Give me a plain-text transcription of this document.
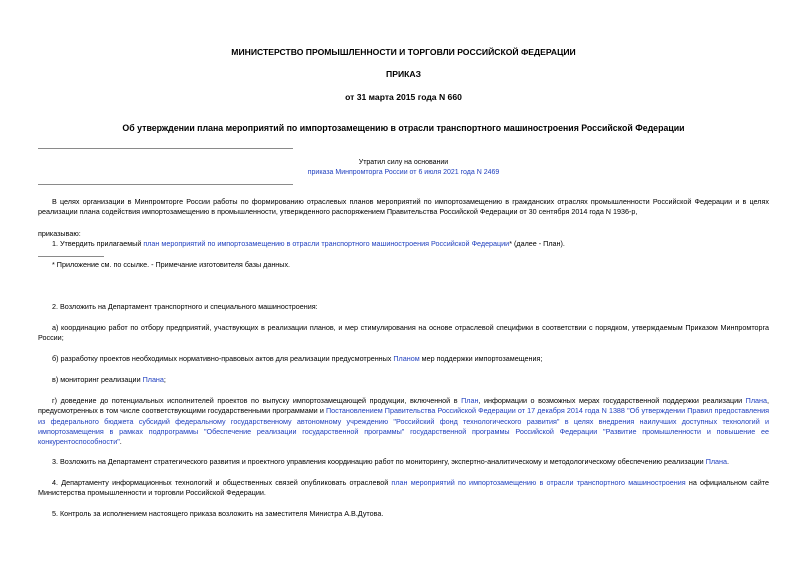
МИНИСТЕРСТВО ПРОМЫШЛЕННОСТИ И ТОРГОВЛИ РОССИЙСКОЙ ФЕДЕРАЦИИ
ПРИКАЗ
от 31 марта 2015 года N 660
Об утверждении плана мероприятий по импортозамещению в отрасли транспортного машиностроения Российской Федерации
Утратил силу на основании
приказа Минпромторга России от 6 июля 2021 года N 2469
В целях организации в Минпромторге России работы по формированию отраслевых планов мероприятий по импортозамещению в гражданских отраслях промышленности Российской Федерации и в целях реализации плана содействия импортозамещению в промышленности, утвержденного распоряжением Правительства Российской Федерации от 30 сентября 2014 года N 1936-р,
приказываю:
1. Утвердить прилагаемый план мероприятий по импортозамещению в отрасли транспортного машиностроения Российской Федерации* (далее - План).
* Приложение см. по ссылке. - Примечание изготовителя базы данных.
2. Возложить на Департамент транспортного и специального машиностроения:
а) координацию работ по отбору предприятий, участвующих в реализации планов, и мер стимулирования на основе отраслевой специфики в соответствии с порядком, утверждаемым Приказом Минпромторга России;
б) разработку проектов необходимых нормативно-правовых актов для реализации предусмотренных Планом мер поддержки импортозамещения;
в) мониторинг реализации Плана;
г) доведение до потенциальных исполнителей проектов по выпуску импортозамещающей продукции, включенной в План, информации о возможных мерах государственной поддержки реализации Плана, предусмотренных в том числе соответствующими государственными программами и Постановлением Правительства Российской Федерации от 17 декабря 2014 года N 1388 "Об утверждении Правил предоставления из федерального бюджета субсидий федеральному государственному автономному учреждению "Российский фонд технологического развития" в целях внедрения наилучших доступных технологий и импортозамещения в рамках подпрограммы "Обеспечение реализации государственной программы" государственной программы Российской Федерации "Развитие промышленности и повышение ее конкурентоспособности".
3. Возложить на Департамент стратегического развития и проектного управления координацию работ по мониторингу, экспертно-аналитическому и методологическому обеспечению реализации Плана.
4. Департаменту информационных технологий и общественных связей опубликовать отраслевой план мероприятий по импортозамещению в отрасли транспортного машиностроения на официальном сайте Министерства промышленности и торговли Российской Федерации.
5. Контроль за исполнением настоящего приказа возложить на заместителя Министра А.В.Дутова.
